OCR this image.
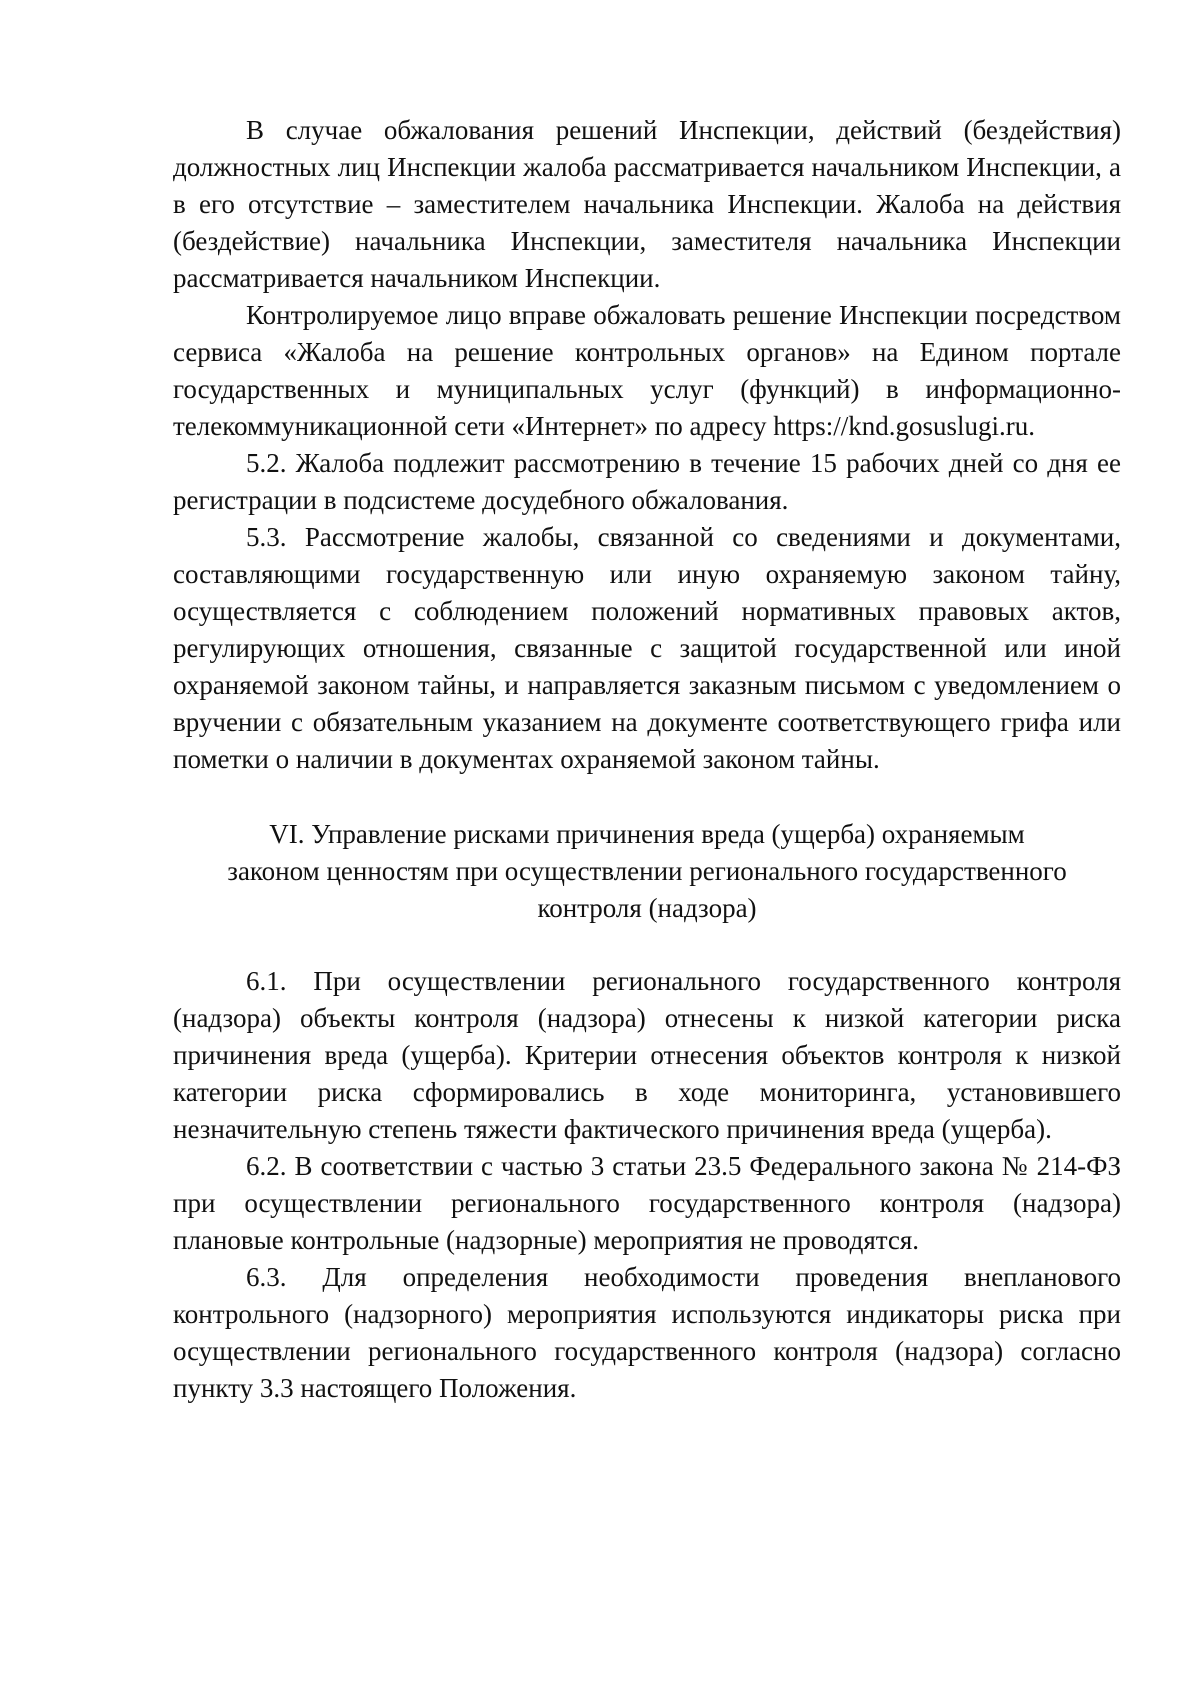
В случае обжалования решений Инспекции, действий (бездействия) должностных лиц Инспекции жалоба рассматривается начальником Инспекции, а в его отсутствие – заместителем начальника Инспекции. Жалоба на действия (бездействие) начальника Инспекции, заместителя начальника Инспекции рассматривается начальником Инспекции.

Контролируемое лицо вправе обжаловать решение Инспекции посредством сервиса «Жалоба на решение контрольных органов» на Едином портале государственных и муниципальных услуг (функций) в информационно-телекоммуникационной сети «Интернет» по адресу https://knd.gosuslugi.ru.

5.2. Жалоба подлежит рассмотрению в течение 15 рабочих дней со дня ее регистрации в подсистеме досудебного обжалования.

5.3. Рассмотрение жалобы, связанной со сведениями и документами, составляющими государственную или иную охраняемую законом тайну, осуществляется с соблюдением положений нормативных правовых актов, регулирующих отношения, связанные с защитой государственной или иной охраняемой законом тайны, и направляется заказным письмом с уведомлением о вручении с обязательным указанием на документе соответствующего грифа или пометки о наличии в документах охраняемой законом тайны.

VI. Управление рисками причинения вреда (ущерба) охраняемым
законом ценностям при осуществлении регионального государственного
контроля (надзора)

6.1. При осуществлении регионального государственного контроля (надзора) объекты контроля (надзора) отнесены к низкой категории риска причинения вреда (ущерба). Критерии отнесения объектов контроля к низкой категории риска сформировались в ходе мониторинга, установившего незначительную степень тяжести фактического причинения вреда (ущерба).

6.2. В соответствии с частью 3 статьи 23.5 Федерального закона № 214-ФЗ при осуществлении регионального государственного контроля (надзора) плановые контрольные (надзорные) мероприятия не проводятся.

6.3. Для определения необходимости проведения внепланового контрольного (надзорного) мероприятия используются индикаторы риска при осуществлении регионального государственного контроля (надзора) согласно пункту 3.3 настоящего Положения.
